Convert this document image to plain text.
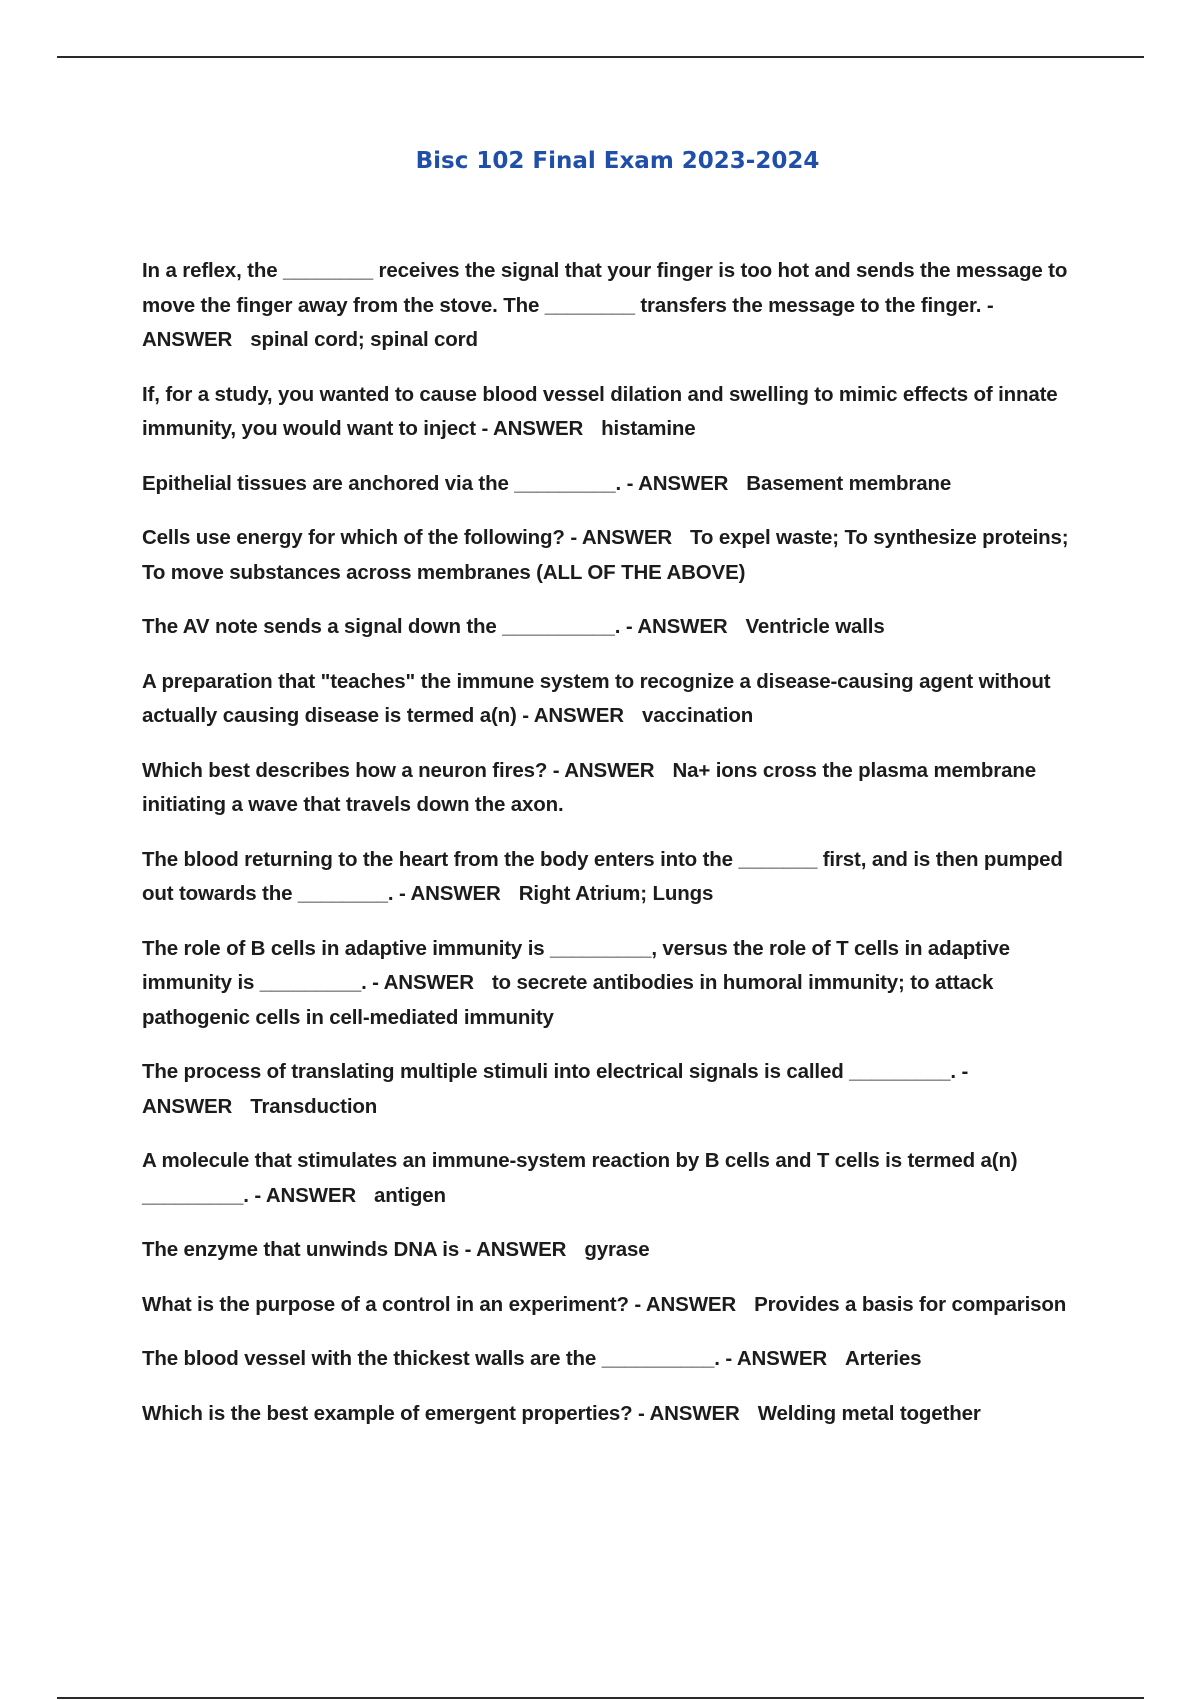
Bisc 102 Final Exam 2023-2024
In a reflex, the ________ receives the signal that your finger is too hot and sends the message to move the finger away from the stove. The ________ transfers the message to the finger. - ANSWER spinal cord; spinal cord
If, for a study, you wanted to cause blood vessel dilation and swelling to mimic effects of innate immunity, you would want to inject - ANSWER histamine
Epithelial tissues are anchored via the _________. - ANSWER Basement membrane
Cells use energy for which of the following? - ANSWER To expel waste; To synthesize proteins; To move substances across membranes (ALL OF THE ABOVE)
The AV note sends a signal down the __________. - ANSWER Ventricle walls
A preparation that "teaches" the immune system to recognize a disease-causing agent without actually causing disease is termed a(n) - ANSWER vaccination
Which best describes how a neuron fires? - ANSWER Na+ ions cross the plasma membrane initiating a wave that travels down the axon.
The blood returning to the heart from the body enters into the _______ first, and is then pumped out towards the ________. - ANSWER Right Atrium; Lungs
The role of B cells in adaptive immunity is _________, versus the role of T cells in adaptive immunity is _________. - ANSWER to secrete antibodies in humoral immunity; to attack pathogenic cells in cell-mediated immunity
The process of translating multiple stimuli into electrical signals is called _________. - ANSWER Transduction
A molecule that stimulates an immune-system reaction by B cells and T cells is termed a(n) _________. - ANSWER antigen
The enzyme that unwinds DNA is - ANSWER gyrase
What is the purpose of a control in an experiment? - ANSWER Provides a basis for comparison
The blood vessel with the thickest walls are the __________. - ANSWER Arteries
Which is the best example of emergent properties? - ANSWER Welding metal together
